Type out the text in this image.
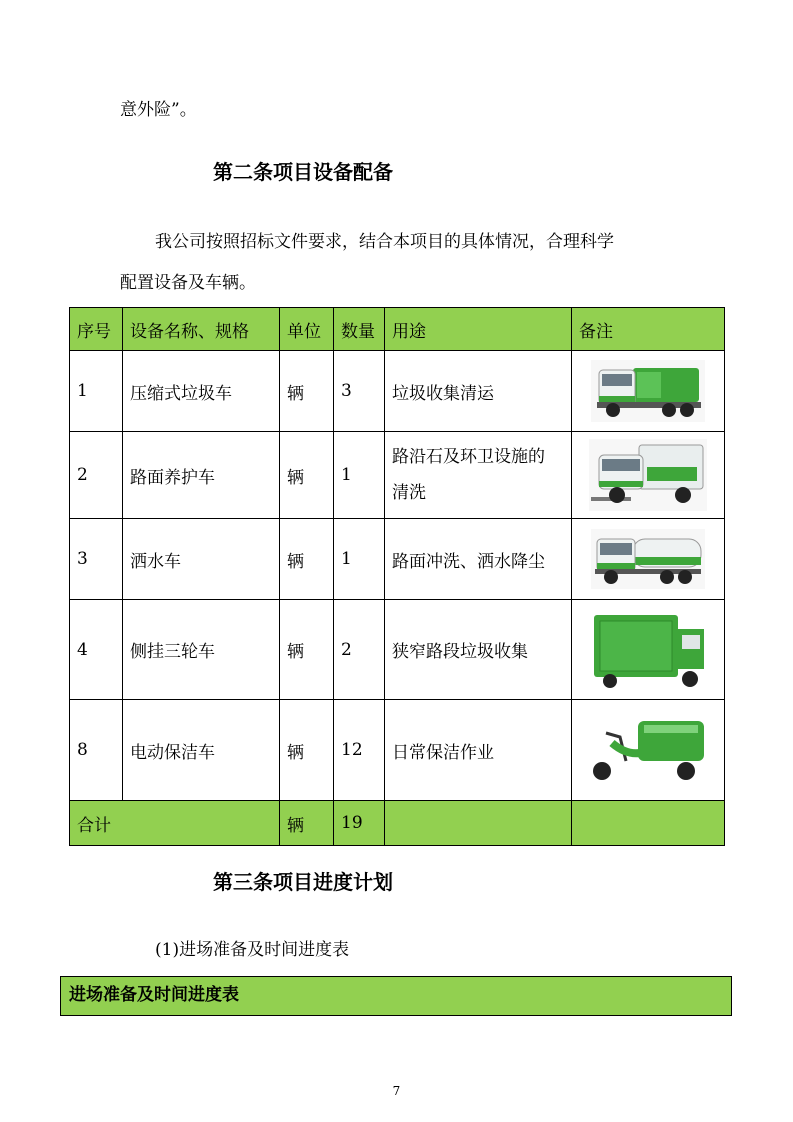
意外险”。
第二条项目设备配备
我公司按照招标文件要求，结合本项目的具体情况，合理科学
配置设备及车辆。
序号	设备名称、规格	单位	数量	用途	备注
1	压缩式垃圾车	辆	3	垃圾收集清运	

2	路面养护车	辆	1	路沿石及环卫设施的
清洗

3	洒水车	辆	1	路面冲洗、洒水降尘	

4	侧挂三轮车	辆	2	狭窄路段垃圾收集	

8	电动保洁车	辆	12	日常保洁作业	

合计		辆	19		
第三条项目进度计划
(1)进场准备及时间进度表
进场准备及时间进度表
7
